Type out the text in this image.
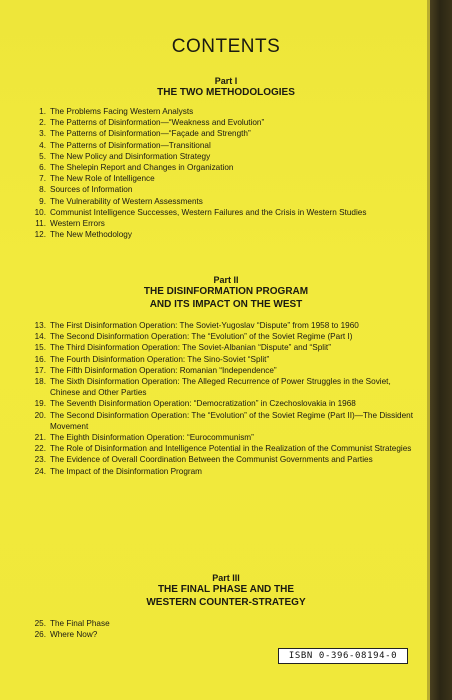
CONTENTS
Part I
THE TWO METHODOLOGIES
1. The Problems Facing Western Analysts
2. The Patterns of Disinformation—“Weakness and Evolution”
3. The Patterns of Disinformation—“Façade and Strength”
4. The Patterns of Disinformation—Transitional
5. The New Policy and Disinformation Strategy
6. The Shelepin Report and Changes in Organization
7. The New Role of Intelligence
8. Sources of Information
9. The Vulnerability of Western Assessments
10. Communist Intelligence Successes, Western Failures and the Crisis in Western Studies
11. Western Errors
12. The New Methodology
Part II
THE DISINFORMATION PROGRAM
AND ITS IMPACT ON THE WEST
13. The First Disinformation Operation: The Soviet-Yugoslav “Dispute” from 1958 to 1960
14. The Second Disinformation Operation: The “Evolution” of the Soviet Regime (Part I)
15. The Third Disinformation Operation: The Soviet-Albanian “Dispute” and “Split”
16. The Fourth Disinformation Operation: The Sino-Soviet “Split”
17. The Fifth Disinformation Operation: Romanian “Independence”
18. The Sixth Disinformation Operation: The Alleged Recurrence of Power Struggles in the Soviet, Chinese and Other Parties
19. The Seventh Disinformation Operation: “Democratization” in Czechoslovakia in 1968
20. The Second Disinformation Operation: The “Evolution” of the Soviet Regime (Part II)—The Dissident Movement
21. The Eighth Disinformation Operation: “Eurocommunism”
22. The Role of Disinformation and Intelligence Potential in the Realization of the Communist Strategies
23. The Evidence of Overall Coordination Between the Communist Governments and Parties
24. The Impact of the Disinformation Program
Part III
THE FINAL PHASE AND THE
WESTERN COUNTER-STRATEGY
25. The Final Phase
26. Where Now?
ISBN 0-396-08194-0
